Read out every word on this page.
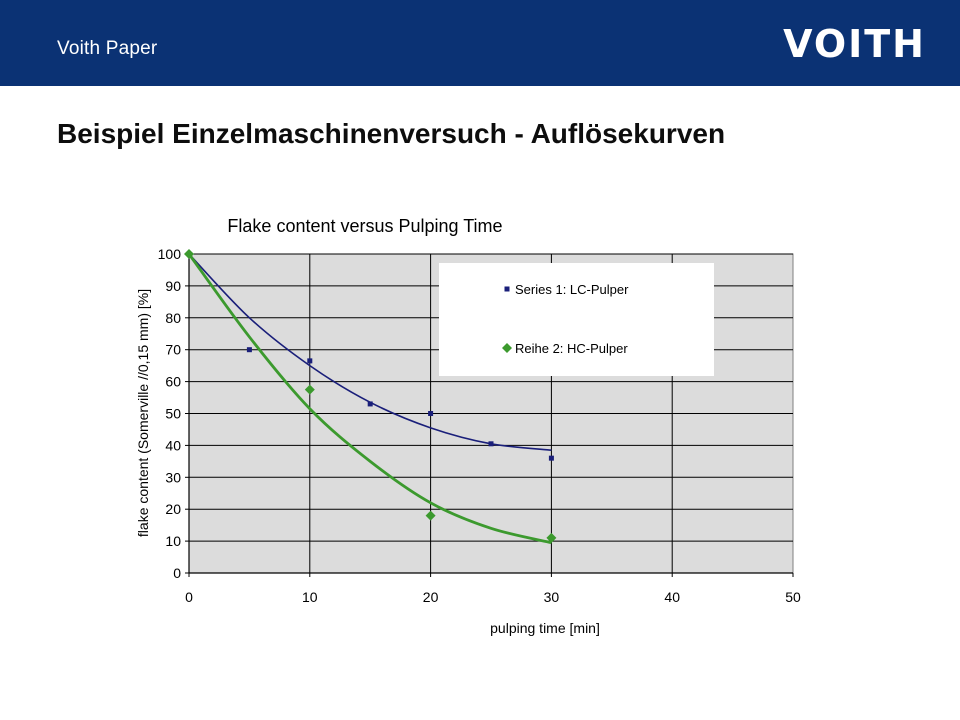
Voith Paper	VOITH
Beispiel Einzelmaschinenversuch - Auflösekurven
Flake content versus Pulping Time
0
10
20
30
40
50
60
70
80
90
100
0	10	20	30	40	50
pulping time [min]
flake content (Somerville //0,15 mm) [%]	Series 1: LC-Pulper
Reihe 2: HC-Pulper
